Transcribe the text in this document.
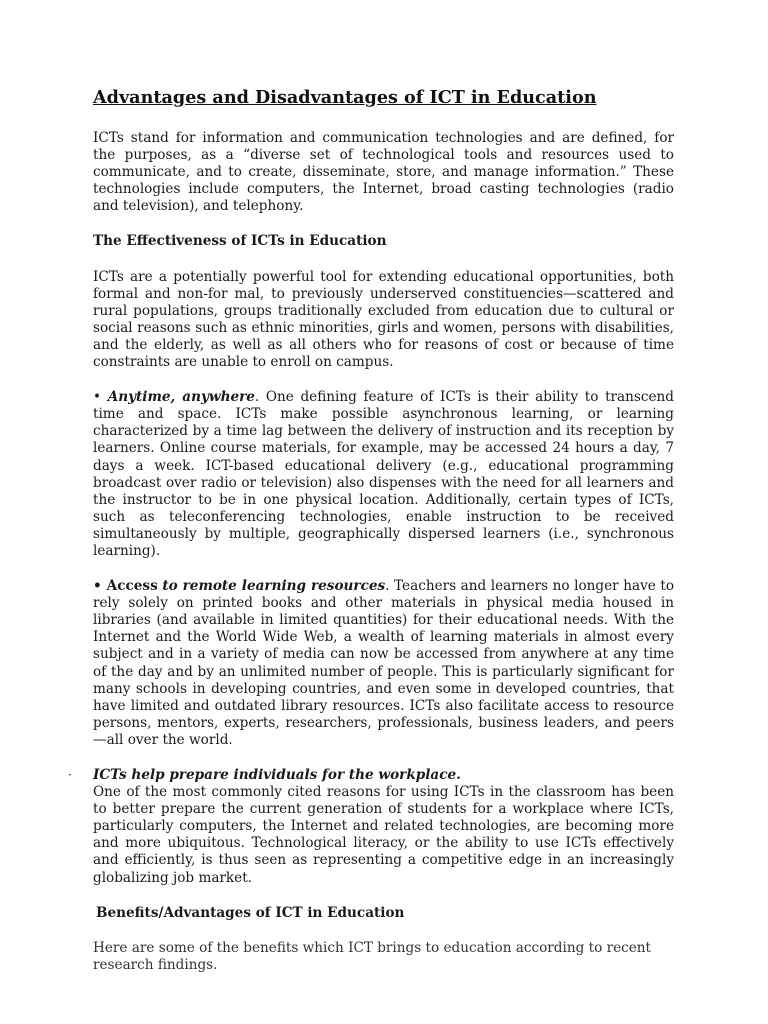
Advantages and Disadvantages of ICT in Education

ICTs stand for information and communication technologies and are defined, for the purposes, as a “diverse set of technological tools and resources used to communicate, and to create, disseminate, store, and manage information.” These technologies include computers, the Internet, broad casting technologies (radio and television), and telephony.

The Effectiveness of ICTs in Education

ICTs are a potentially powerful tool for extending educational opportunities, both formal and non-for mal, to previously underserved constituencies—scattered and rural populations, groups traditionally excluded from education due to cultural or social reasons such as ethnic minorities, girls and women, persons with disabilities, and the elderly, as well as all others who for reasons of cost or because of time constraints are unable to enroll on campus.

• Anytime, anywhere. One defining feature of ICTs is their ability to transcend time and space. ICTs make possible asynchronous learning, or learning characterized by a time lag between the delivery of instruction and its reception by learners. Online course materials, for example, may be accessed 24 hours a day, 7 days a week. ICT-based educational delivery (e.g., educational programming broadcast over radio or television) also dispenses with the need for all learners and the instructor to be in one physical location. Additionally, certain types of ICTs, such as teleconferencing technologies, enable instruction to be received simultaneously by multiple, geographically dispersed learners (i.e., synchronous learning).

• Access to remote learning resources. Teachers and learners no longer have to rely solely on printed books and other materials in physical media housed in libraries (and available in limited quantities) for their educational needs. With the Internet and the World Wide Web, a wealth of learning materials in almost every subject and in a variety of media can now be accessed from anywhere at any time of the day and by an unlimited number of people. This is particularly significant for many schools in developing countries, and even some in developed countries, that have limited and outdated library resources. ICTs also facilitate access to resource persons, mentors, experts, researchers, professionals, business leaders, and peers—all over the world.

· ICTs help prepare individuals for the workplace.

One of the most commonly cited reasons for using ICTs in the classroom has been to better prepare the current generation of students for a workplace where ICTs, particularly computers, the Internet and related technologies, are becoming more and more ubiquitous. Technological literacy, or the ability to use ICTs effectively and efficiently, is thus seen as representing a competitive edge in an increasingly globalizing job market.

Benefits/Advantages of ICT in Education

Here are some of the benefits which ICT brings to education according to recent research findings.
